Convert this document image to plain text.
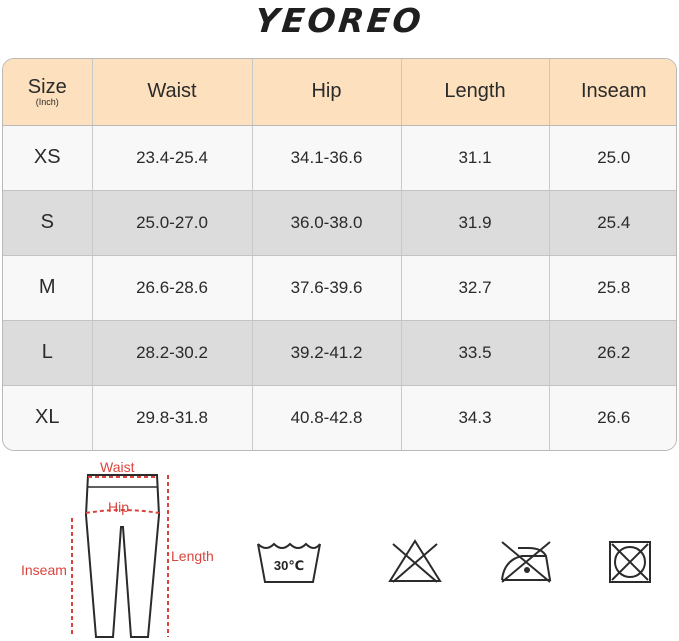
YEOREO
Size
(Inch)	Waist	Hip	Length	Inseam
XS	23.4-25.4	34.1-36.6	31.1	25.0
S	25.0-27.0	36.0-38.0	31.9	25.4
M	26.6-28.6	37.6-39.6	32.7	25.8
L	28.2-30.2	39.2-41.2	33.5	26.2
XL	29.8-31.8	40.8-42.8	34.3	26.6
Waist
Hip
Inseam
Length
30℃
